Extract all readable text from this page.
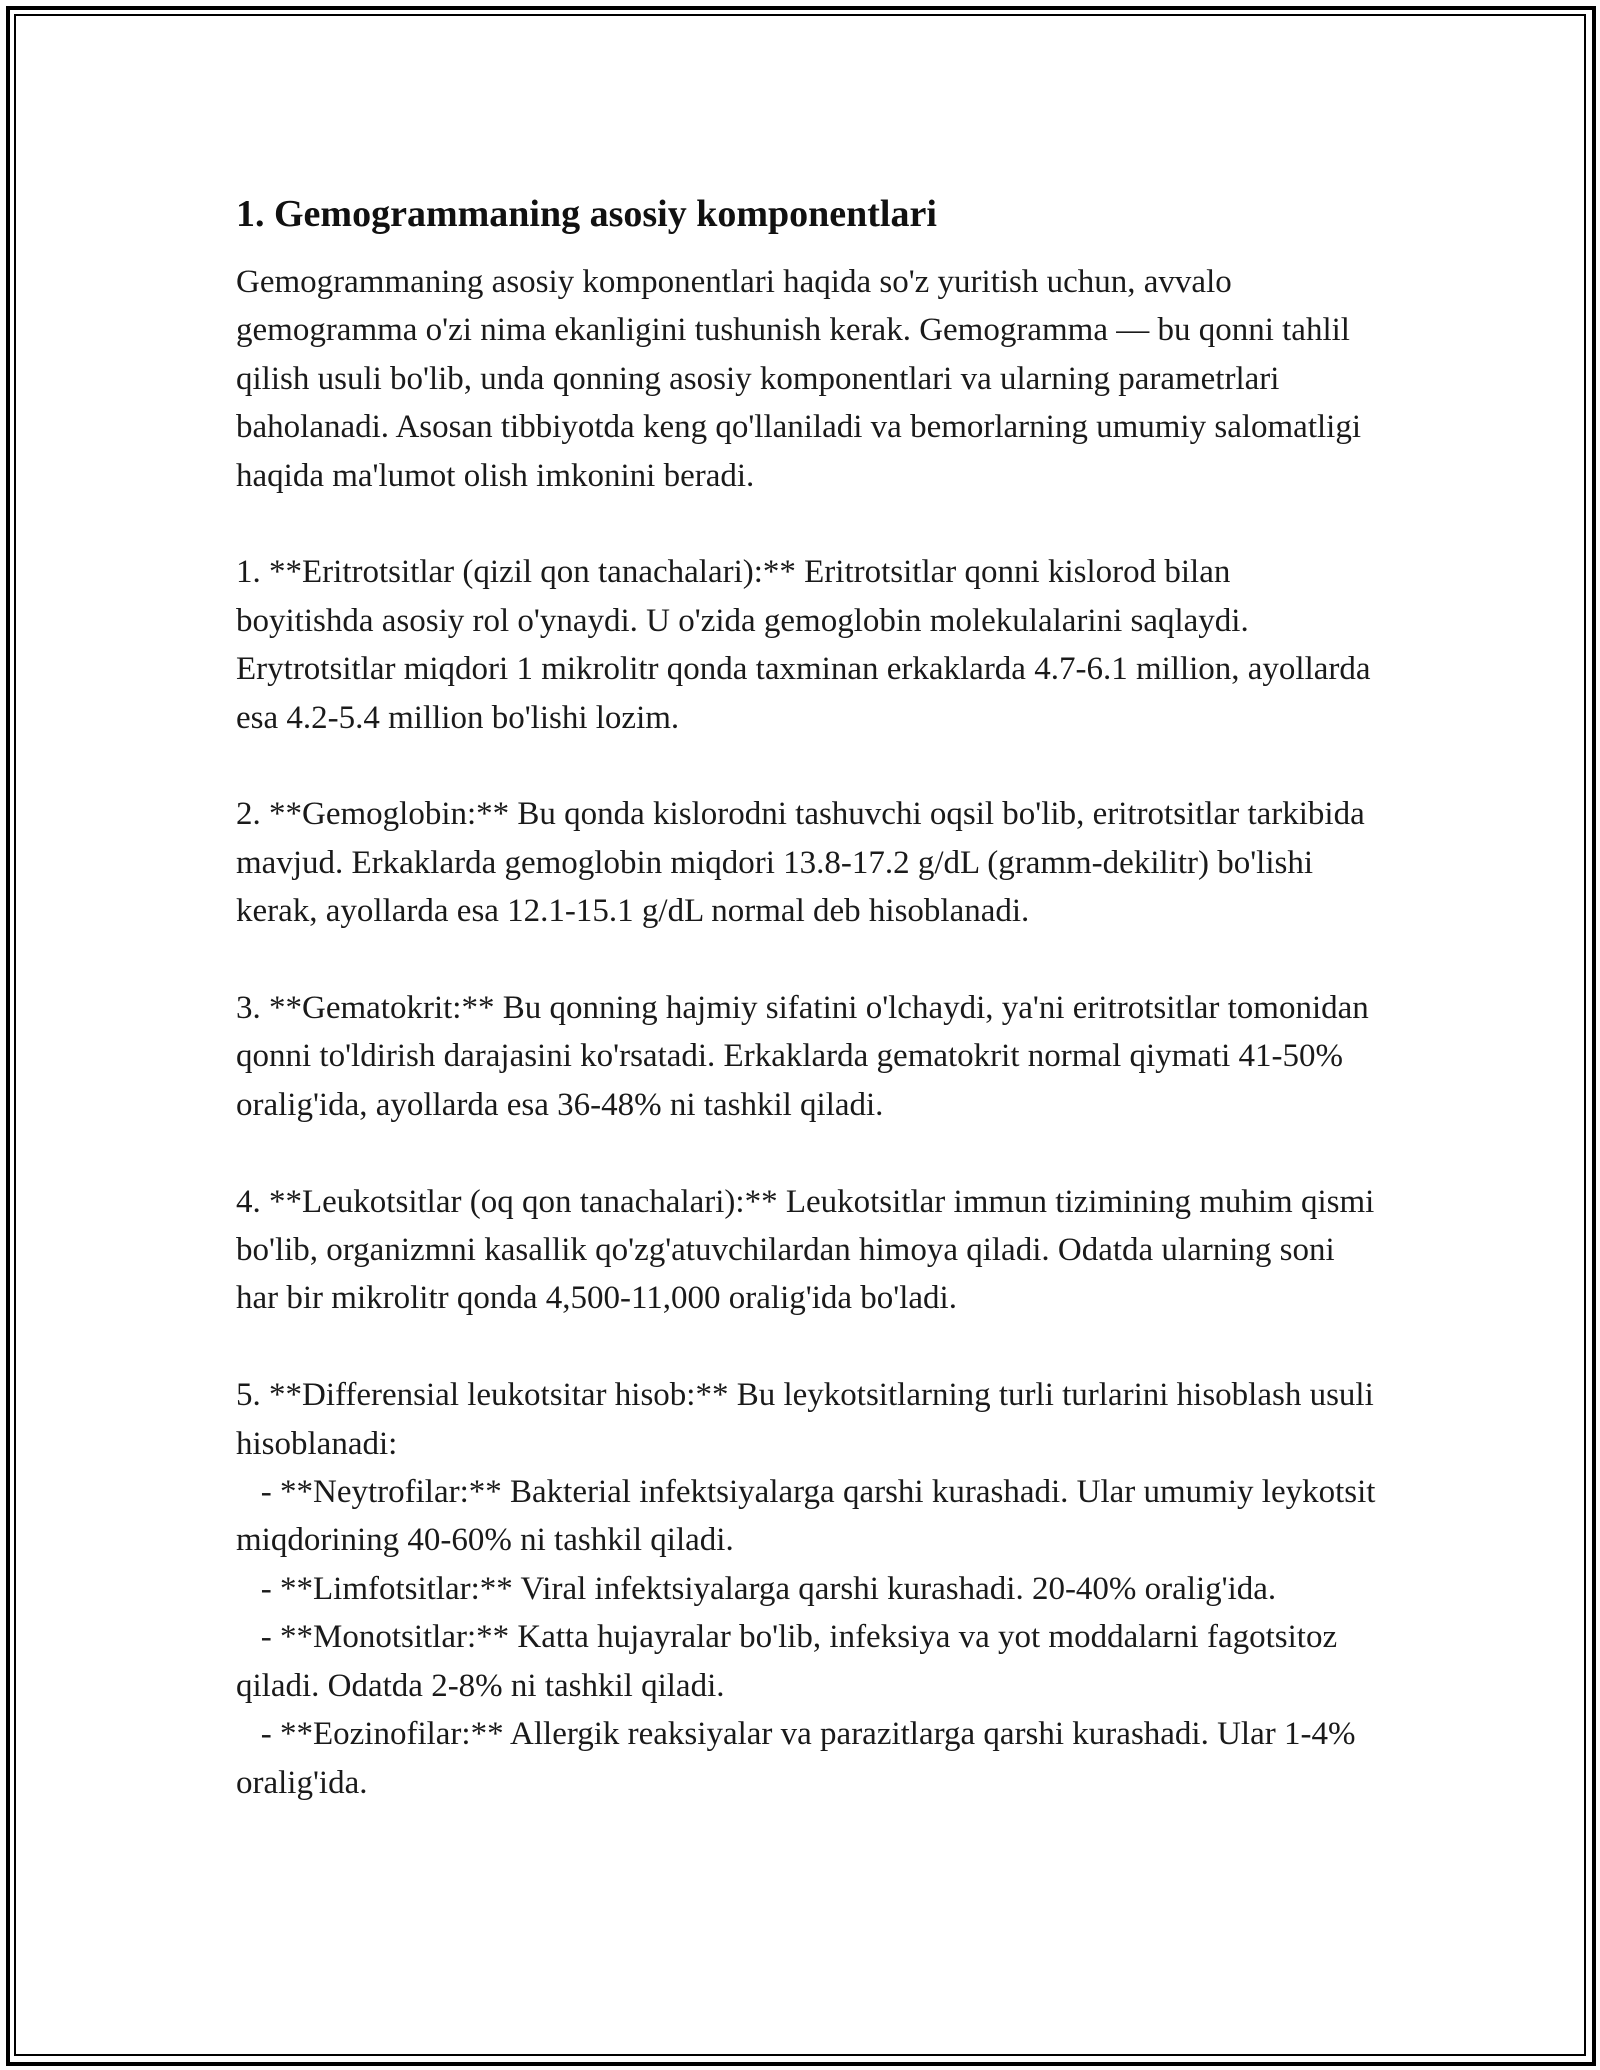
1. Gemogrammaning asosiy komponentlari

Gemogrammaning asosiy komponentlari haqida so'z yuritish uchun, avvalo gemogramma o'zi nima ekanligini tushunish kerak. Gemogramma — bu qonni tahlil qilish usuli bo'lib, unda qonning asosiy komponentlari va ularning parametrlari baholanadi. Asosan tibbiyotda keng qo'llaniladi va bemorlarning umumiy salomatligi haqida ma'lumot olish imkonini beradi.

1. **Eritrotsitlar (qizil qon tanachalari):** Eritrotsitlar qonni kislorod bilan boyitishda asosiy rol o'ynaydi. U o'zida gemoglobin molekulalarini saqlaydi. Erytrotsitlar miqdori 1 mikrolitr qonda taxminan erkaklarda 4.7-6.1 million, ayollarda esa 4.2-5.4 million bo'lishi lozim.

2. **Gemoglobin:** Bu qonda kislorodni tashuvchi oqsil bo'lib, eritrotsitlar tarkibida mavjud. Erkaklarda gemoglobin miqdori 13.8-17.2 g/dL (gramm-dekilitr) bo'lishi kerak, ayollarda esa 12.1-15.1 g/dL normal deb hisoblanadi.

3. **Gematokrit:** Bu qonning hajmiy sifatini o'lchaydi, ya'ni eritrotsitlar tomonidan qonni to'ldirish darajasini ko'rsatadi. Erkaklarda gematokrit normal qiymati 41-50% oralig'ida, ayollarda esa 36-48% ni tashkil qiladi.

4. **Leukotsitlar (oq qon tanachalari):** Leukotsitlar immun tizimining muhim qismi bo'lib, organizmni kasallik qo'zg'atuvchilardan himoya qiladi. Odatda ularning soni har bir mikrolitr qonda 4,500-11,000 oralig'ida bo'ladi.

5. **Differensial leukotsitar hisob:** Bu leykotsitlarning turli turlarini hisoblash usuli hisoblanadi:
- **Neytrofilar:** Bakterial infektsiyalarga qarshi kurashadi. Ular umumiy leykotsit miqdorining 40-60% ni tashkil qiladi.
- **Limfotsitlar:** Viral infektsiyalarga qarshi kurashadi. 20-40% oralig'ida.
- **Monotsitlar:** Katta hujayralar bo'lib, infeksiya va yot moddalarni fagotsitoz qiladi. Odatda 2-8% ni tashkil qiladi.
- **Eozinofilar:** Allergik reaksiyalar va parazitlarga qarshi kurashadi. Ular 1-4% oralig'ida.
